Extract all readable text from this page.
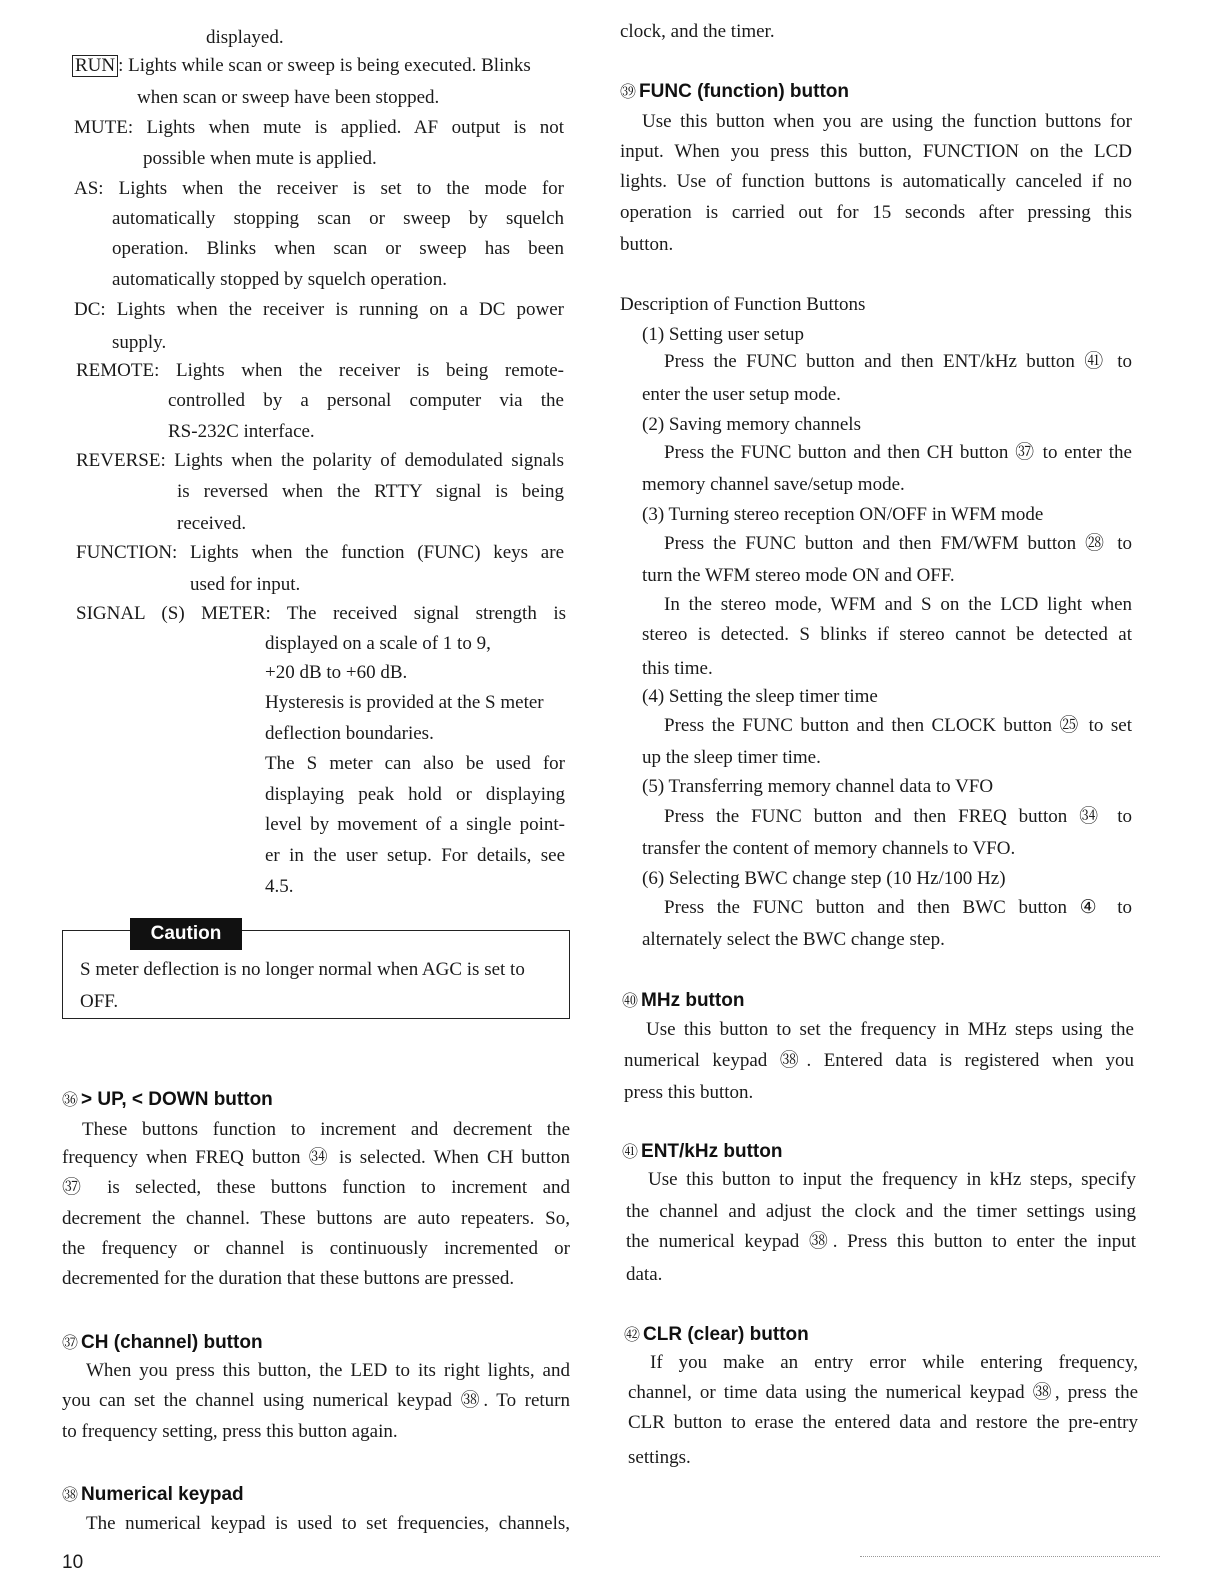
displayed.
RUN : Lights while scan or sweep is being executed. Blinks
when scan or sweep have been stopped.
MUTE: Lights when mute is applied. AF output is not
possible when mute is applied.
AS: Lights when the receiver is set to the mode for
automatically stopping scan or sweep by squelch
operation. Blinks when scan or sweep has been
automatically stopped by squelch operation.
DC: Lights when the receiver is running on a DC power
supply.
REMOTE: Lights when the receiver is being remote-
controlled by a personal computer via the
RS-232C interface.
REVERSE: Lights when the polarity of demodulated signals
is reversed when the RTTY signal is being
received.
FUNCTION: Lights when the function (FUNC) keys are
used for input.
SIGNAL (S) METER: The received signal strength is
displayed on a scale of 1 to 9,
+20 dB to +60 dB.
Hysteresis is provided at the S meter
deflection boundaries.
The S meter can also be used for
displaying peak hold or displaying
level by movement of a single point-
er in the user setup. For details, see
4.5.
Caution
S meter deflection is no longer normal when AGC is set to
OFF.
㊱ > UP, < DOWN button
These buttons function to increment and decrement the
frequency when FREQ button ㉞ is selected. When CH button
㊲ is selected, these buttons function to increment and
decrement the channel. These buttons are auto repeaters. So,
the frequency or channel is continuously incremented or
decremented for the duration that these buttons are pressed.
㊲ CH (channel) button
When you press this button, the LED to its right lights, and
you can set the channel using numerical keypad ㊳. To return
to frequency setting, press this button again.
㊳ Numerical keypad
The numerical keypad is used to set frequencies, channels,
10
clock, and the timer.
㊴ FUNC (function) button
Use this button when you are using the function buttons for
input. When you press this button, FUNCTION on the LCD
lights. Use of function buttons is automatically canceled if no
operation is carried out for 15 seconds after pressing this
button.
Description of Function Buttons
(1) Setting user setup
Press the FUNC button and then ENT/kHz button ㊶ to
enter the user setup mode.
(2) Saving memory channels
Press the FUNC button and then CH button ㊲ to enter the
memory channel save/setup mode.
(3) Turning stereo reception ON/OFF in WFM mode
Press the FUNC button and then FM/WFM button ㉘ to
turn the WFM stereo mode ON and OFF.
In the stereo mode, WFM and S on the LCD light when
stereo is detected. S blinks if stereo cannot be detected at
this time.
(4) Setting the sleep timer time
Press the FUNC button and then CLOCK button ㉕ to set
up the sleep timer time.
(5) Transferring memory channel data to VFO
Press the FUNC button and then FREQ button ㉞ to
transfer the content of memory channels to VFO.
(6) Selecting BWC change step (10 Hz/100 Hz)
Press the FUNC button and then BWC button ④ to
alternately select the BWC change step.
㊵ MHz button
Use this button to set the frequency in MHz steps using the
numerical keypad ㊳. Entered data is registered when you
press this button.
㊶ ENT/kHz button
Use this button to input the frequency in kHz steps, specify
the channel and adjust the clock and the timer settings using
the numerical keypad ㊳. Press this button to enter the input
data.
㊷ CLR (clear) button
If you make an entry error while entering frequency,
channel, or time data using the numerical keypad ㊳, press the
CLR button to erase the entered data and restore the pre-entry
settings.
